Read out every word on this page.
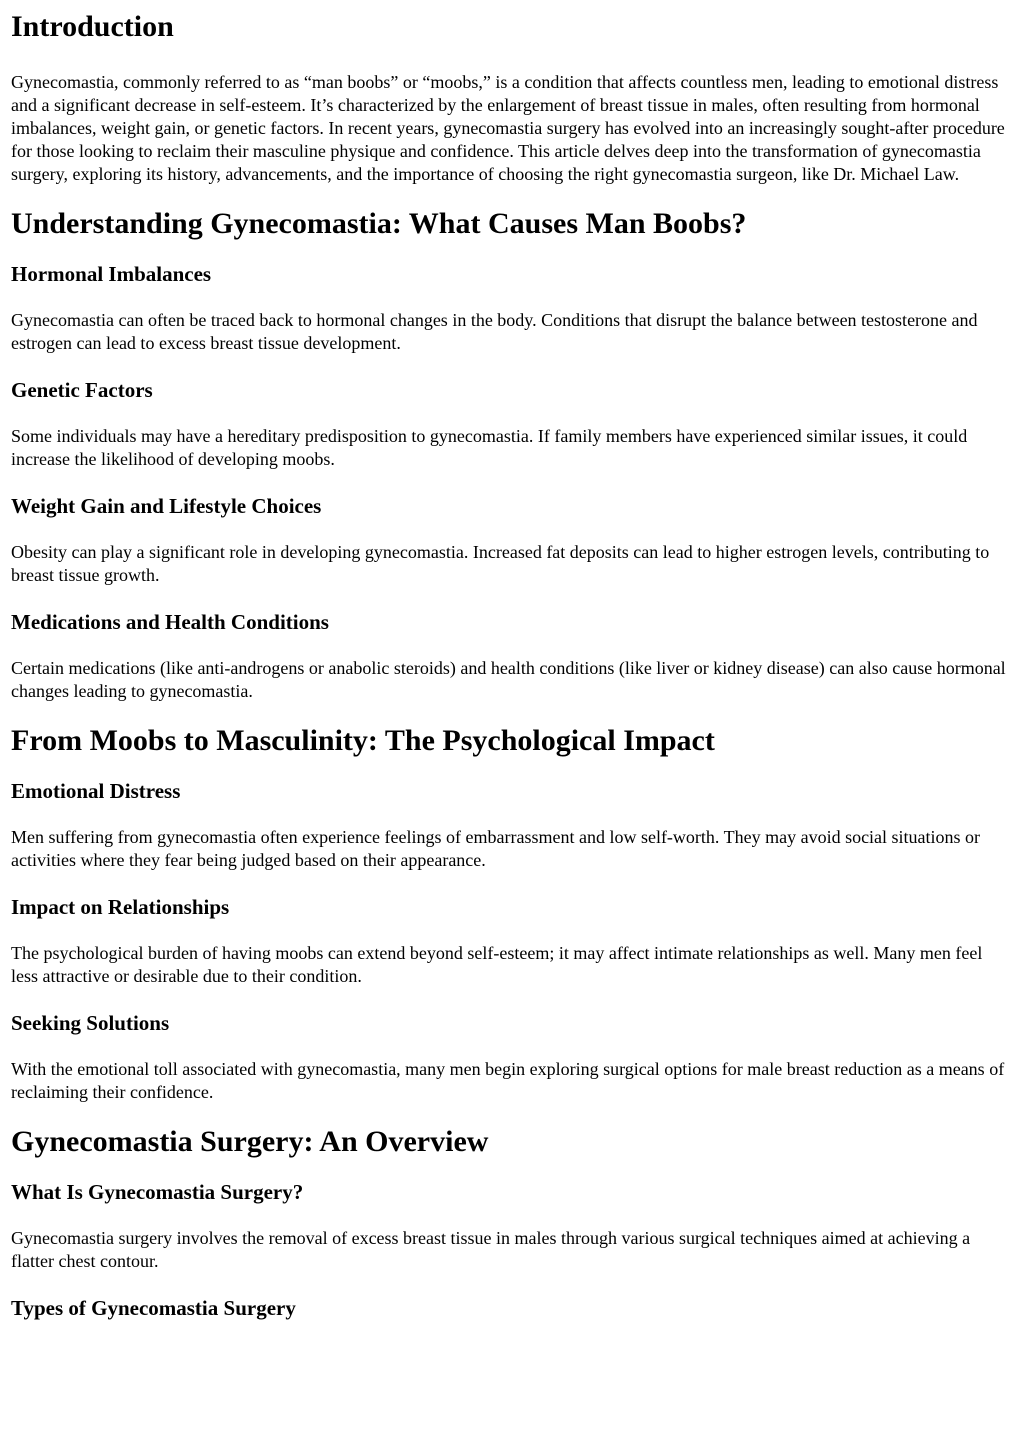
Introduction

Gynecomastia, commonly referred to as “man boobs” or “moobs,” is a condition that affects countless men, leading to emotional distress and a significant decrease in self-esteem. It’s characterized by the enlargement of breast tissue in males, often resulting from hormonal imbalances, weight gain, or genetic factors. In recent years, gynecomastia surgery has evolved into an increasingly sought-after procedure for those looking to reclaim their masculine physique and confidence. This article delves deep into the transformation of gynecomastia surgery, exploring its history, advancements, and the importance of choosing the right gynecomastia surgeon, like Dr. Michael Law.

Understanding Gynecomastia: What Causes Man Boobs?
Hormonal Imbalances

Gynecomastia can often be traced back to hormonal changes in the body. Conditions that disrupt the balance between testosterone and estrogen can lead to excess breast tissue development.

Genetic Factors

Some individuals may have a hereditary predisposition to gynecomastia. If family members have experienced similar issues, it could increase the likelihood of developing moobs.

Weight Gain and Lifestyle Choices

Obesity can play a significant role in developing gynecomastia. Increased fat deposits can lead to higher estrogen levels, contributing to breast tissue growth.

Medications and Health Conditions

Certain medications (like anti-androgens or anabolic steroids) and health conditions (like liver or kidney disease) can also cause hormonal changes leading to gynecomastia.

From Moobs to Masculinity: The Psychological Impact
Emotional Distress

Men suffering from gynecomastia often experience feelings of embarrassment and low self-worth. They may avoid social situations or activities where they fear being judged based on their appearance.

Impact on Relationships

The psychological burden of having moobs can extend beyond self-esteem; it may affect intimate relationships as well. Many men feel less attractive or desirable due to their condition.

Seeking Solutions

With the emotional toll associated with gynecomastia, many men begin exploring surgical options for male breast reduction as a means of reclaiming their confidence.

Gynecomastia Surgery: An Overview
What Is Gynecomastia Surgery?

Gynecomastia surgery involves the removal of excess breast tissue in males through various surgical techniques aimed at achieving a flatter chest contour.

Types of Gynecomastia Surgery
